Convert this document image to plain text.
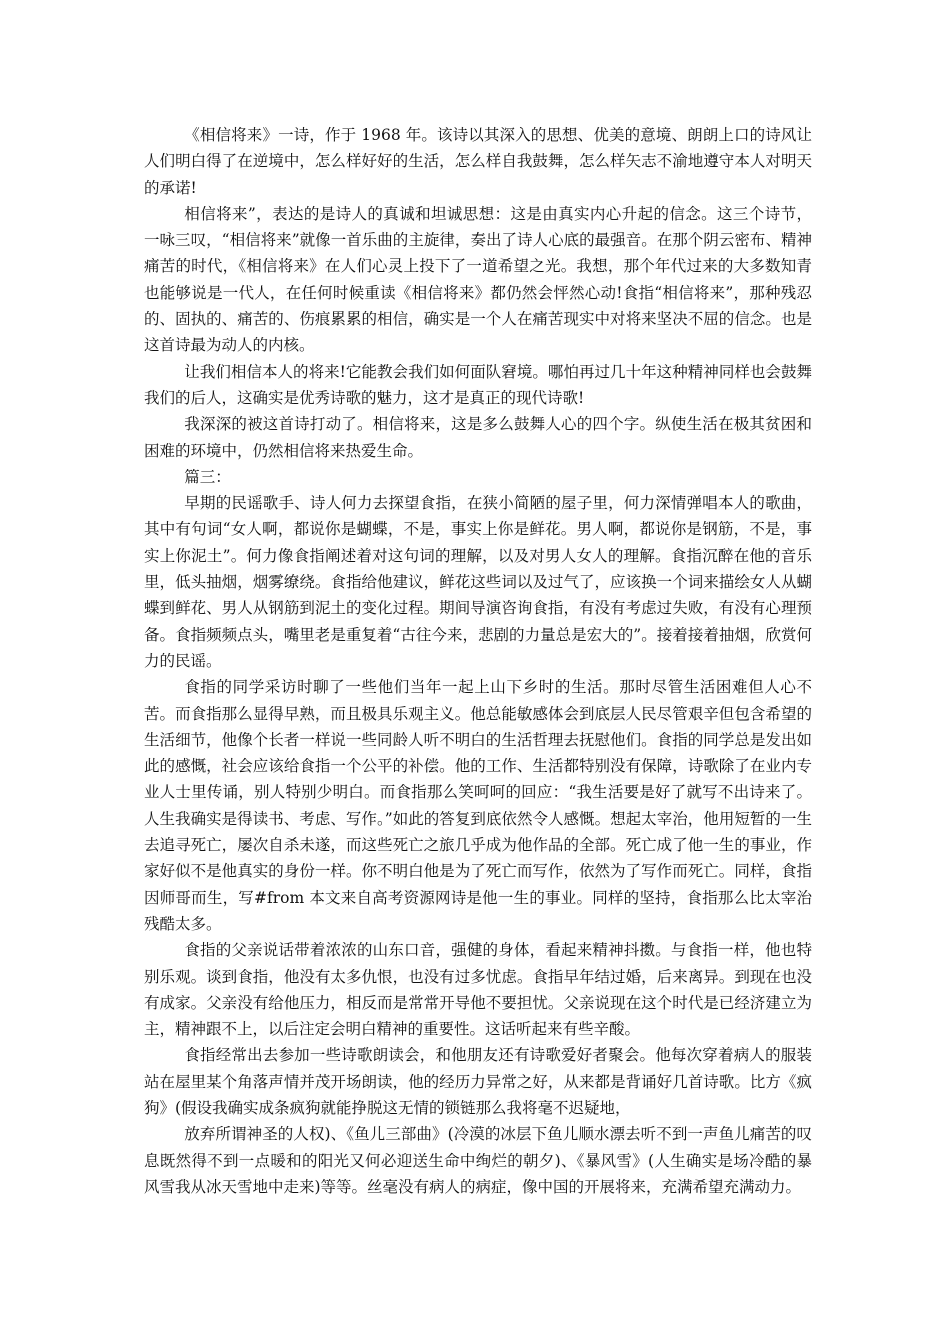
《相信将来》一诗，作于 1968 年。该诗以其深入的思想、优美的意境、朗朗上口的诗风让人们明白得了在逆境中，怎么样好好的生活，怎么样自我鼓舞，怎么样矢志不渝地遵守本人对明天的承诺!

相信将来”，表达的是诗人的真诚和坦诚思想：这是由真实内心升起的信念。这三个诗节，一咏三叹，“相信将来”就像一首乐曲的主旋律，奏出了诗人心底的最强音。在那个阴云密布、精神痛苦的时代，《相信将来》在人们心灵上投下了一道希望之光。我想，那个年代过来的大多数知青也能够说是一代人，在任何时候重读《相信将来》都仍然会怦然心动!食指“相信将来”，那种残忍的、固执的、痛苦的、伤痕累累的相信，确实是一个人在痛苦现实中对将来坚决不屈的信念。也是这首诗最为动人的内核。

让我们相信本人的将来!它能教会我们如何面队窘境。哪怕再过几十年这种精神同样也会鼓舞我们的后人，这确实是优秀诗歌的魅力，这才是真正的现代诗歌!

我深深的被这首诗打动了。相信将来，这是多么鼓舞人心的四个字。纵使生活在极其贫困和困难的环境中，仍然相信将来热爱生命。

篇三：

早期的民谣歌手、诗人何力去探望食指，在狭小简陋的屋子里，何力深情弹唱本人的歌曲，其中有句词“女人啊，都说你是蝴蝶，不是，事实上你是鲜花。男人啊，都说你是钢筋，不是，事实上你泥土”。何力像食指阐述着对这句词的理解，以及对男人女人的理解。食指沉醉在他的音乐里，低头抽烟，烟雾缭绕。食指给他建议，鲜花这些词以及过气了，应该换一个词来描绘女人从蝴蝶到鲜花、男人从钢筋到泥土的变化过程。期间导演咨询食指，有没有考虑过失败，有没有心理预备。食指频频点头，嘴里老是重复着“古往今来，悲剧的力量总是宏大的”。接着接着抽烟，欣赏何力的民谣。

食指的同学采访时聊了一些他们当年一起上山下乡时的生活。那时尽管生活困难但人心不苦。而食指那么显得早熟，而且极具乐观主义。他总能敏感体会到底层人民尽管艰辛但包含希望的生活细节，他像个长者一样说一些同龄人听不明白的生活哲理去抚慰他们。食指的同学总是发出如此的感慨，社会应该给食指一个公平的补偿。他的工作、生活都特别没有保障，诗歌除了在业内专业人士里传诵，别人特别少明白。而食指那么笑呵呵的回应：“我生活要是好了就写不出诗来了。人生我确实是得读书、考虑、写作。”如此的答复到底依然令人感慨。想起太宰治，他用短暂的一生去追寻死亡，屡次自杀未遂，而这些死亡之旅几乎成为他作品的全部。死亡成了他一生的事业，作家好似不是他真实的身份一样。你不明白他是为了死亡而写作，依然为了写作而死亡。同样，食指因师哥而生，写#from 本文来自高考资源网诗是他一生的事业。同样的坚持，食指那么比太宰治残酷太多。

食指的父亲说话带着浓浓的山东口音，强健的身体，看起来精神抖擞。与食指一样，他也特别乐观。谈到食指，他没有太多仇恨，也没有过多忧虑。食指早年结过婚，后来离异。到现在也没有成家。父亲没有给他压力，相反而是常常开导他不要担忧。父亲说现在这个时代是已经济建立为主，精神跟不上，以后注定会明白精神的重要性。这话听起来有些辛酸。

食指经常出去参加一些诗歌朗读会，和他朋友还有诗歌爱好者聚会。他每次穿着病人的服装站在屋里某个角落声情并茂开场朗读，他的经历力异常之好，从来都是背诵好几首诗歌。比方《疯狗》(假设我确实成条疯狗就能挣脱这无情的锁链那么我将毫不迟疑地，

放弃所谓神圣的人权)、《鱼儿三部曲》(冷漠的冰层下鱼儿顺水漂去听不到一声鱼儿痛苦的叹息既然得不到一点暖和的阳光又何必迎送生命中绚烂的朝夕)、《暴风雪》(人生确实是场冷酷的暴风雪我从冰天雪地中走来)等等。丝毫没有病人的病症，像中国的开展将来，充满希望充满动力。
